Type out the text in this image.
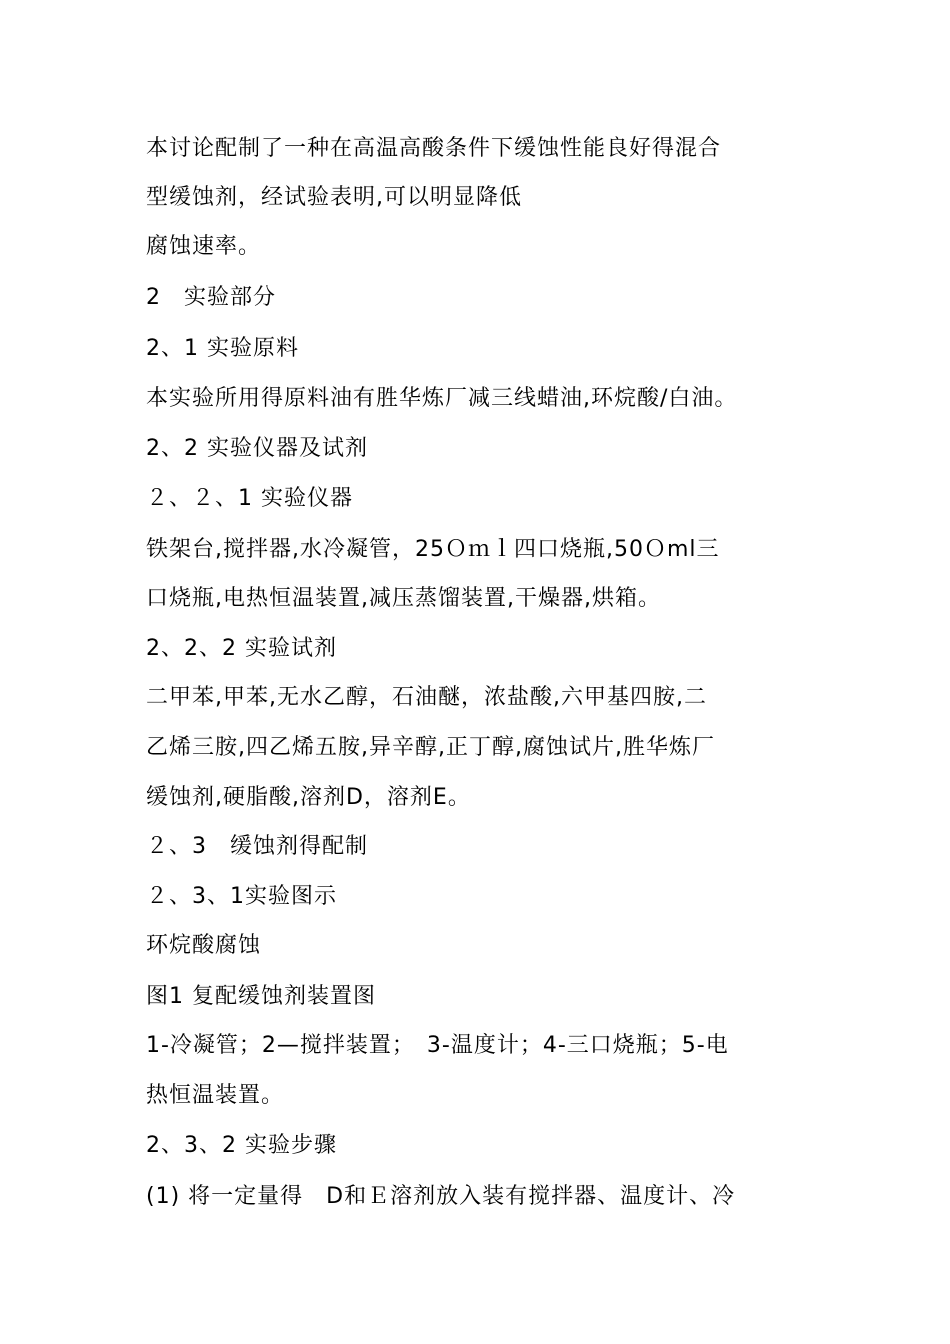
本讨论配制了一种在高温高酸条件下缓蚀性能良好得混合
型缓蚀剂，经试验表明,可以明显降低
腐蚀速率。
2　实验部分
2、1 实验原料
本实验所用得原料油有胜华炼厂减三线蜡油,环烷酸/白油。
2、2 实验仪器及试剂
２、２、1 实验仪器
铁架台,搅拌器,水冷凝管，25Ｏｍｌ四口烧瓶,50Ｏml三
口烧瓶,电热恒温装置,减压蒸馏装置,干燥器,烘箱。
2、2、2 实验试剂
二甲苯,甲苯,无水乙醇，石油醚，浓盐酸,六甲基四胺,二
乙烯三胺,四乙烯五胺,异辛醇,正丁醇,腐蚀试片,胜华炼厂
缓蚀剂,硬脂酸,溶剂D，溶剂E。
２、3　缓蚀剂得配制
２、3、1实验图示
环烷酸腐蚀
图1 复配缓蚀剂装置图
1-冷凝管；2—搅拌装置；　3-温度计；4-三口烧瓶；5-电
热恒温装置。
2、3、2 实验步骤
(1) 将一定量得　D和Ｅ溶剂放入装有搅拌器、温度计、冷
